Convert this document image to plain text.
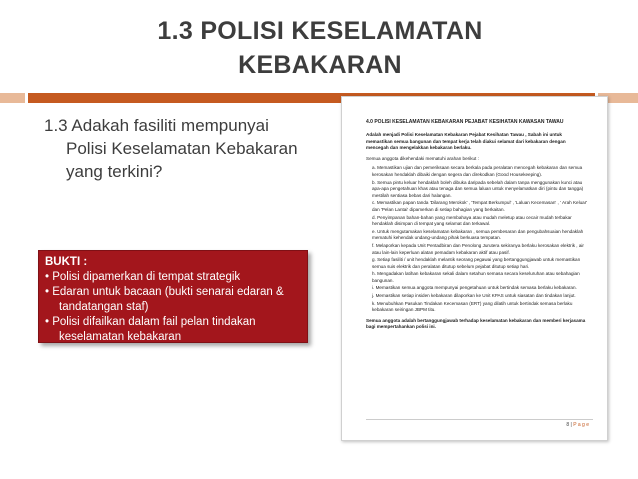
1.3 POLISI KESELAMATAN
KEBAKARAN
1.3 Adakah fasiliti mempunyai
Polisi Keselamatan Kebakaran
yang terkini?
BUKTI :
• Polisi dipamerkan di tempat strategik
• Edaran untuk bacaan (bukti senarai edaran &
tandatangan staf)
• Polisi difailkan dalam fail pelan tindakan
keselamatan kebakaran
4.0 POLISI KESELAMATAN KEBAKARAN PEJABAT KESIHATAN KAWASAN TAWAU
Adalah menjadi Polisi Keselamatan Kebakaran Pejabat Kesihatan Tawau , Sabah ini untuk memastikan semua bangunan dan tempat kerja telah diakui selamat dari kebakaran dengan mencegah dan mengelakkan kebakaran berlaku.
Semua anggota dikehendaki mematuhi arahan berikut :
a. Memastikan ujian dan pemeriksaan secara berkala pada peralatan mencegah kebakaran dan semua kerosakan hendaklah dibaiki dengan segera dan direkodkan (Good Housekeeping).
b. Semua pintu keluar hendaklah boleh dibuka daripada sebelah dalam tanpa menggunakan kunci atau apa-apa pengetahuan khas atau tenaga dan semua laluan untuk menyelamatkan diri (pintu dan tangga) mestilah sentiasa bebas dari halangan.
c. Memastikan papan tanda 'Dilarang Merokok' , 'Tempat Berkumpul' , 'Laluan Kecemasan' , ' Arah Keluar' dan 'Pelan Lantai' dipamerkan di setiap bahagian yang berkaitan.
d. Penyimpanan bahan-bahan yang membahaya atau mudah meletup atau cecair mudah terbakar hendaklah disimpan di tempat yang selamat dan terkawal.
e. Untuk mengutamakan keselamatan kebakaran , semua pembesaran dan pengubahsuaian hendaklah mematuhi kehendak undang-undang pihak berkuasa tempatan.
f. Melaporkan kepada Unit Pentadbiran dan Penolong Jurutera sekiranya berlaku kerosakan elektrik , air atau lain-lain keperluan alatan pemadam kebakaran aktif atau pasif.
g. Setiap fasiliti / unit hendaklah melantik seorang pegawai yang bertanggungjawab untuk memastikan semua suis elektrik dan peralatan ditutup sebelum pejabat ditutup setiap hari.
h. Mengadakan latihan kebakaran sekali dalam setahun semasa secara keseluruhan atau sebahagian bangunan.
i. Memastikan semua anggota mempunyai pengetahuan untuk bertindak semasa berlaku kebakaran.
j. Memastikan setiap insiden kebakaran dilaporkan ke Unit KPAS untuk siasatan dan tindakan lanjut.
k. Menubuhkan Pasukan Tindakan Kecemasan (ERT) yang dilatih untuk bertindak semasa berlaku kebakaran seiringan JBPM titu.
Semua anggota adalah bertanggungjawab terhadap keselamatan kebakaran dan memberi kerjasama bagi mempertahankan polisi ini.
8 | P a g e
